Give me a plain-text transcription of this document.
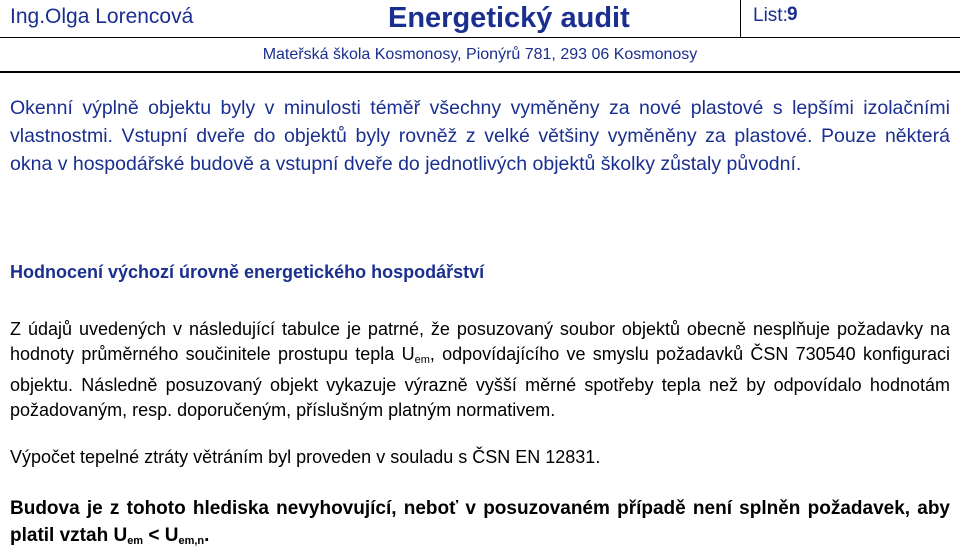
Ing.Olga Lorencová	Energetický audit	List: 9
Mateřská škola Kosmonosy, Pionýrů 781, 293 06 Kosmonosy
Okenní výplně objektu byly v minulosti téměř všechny vyměněny za nové plastové s lepšími izolačními vlastnostmi. Vstupní dveře do objektů byly rovněž z velké většiny vyměněny za plastové. Pouze některá okna v hospodářské budově a vstupní dveře do jednotlivých objektů školky zůstaly původní.
Hodnocení výchozí úrovně energetického hospodářství
Z údajů uvedených v následující tabulce je patrné, že posuzovaný soubor objektů obecně nesplňuje požadavky na hodnoty průměrného součinitele prostupu tepla $U_{em}$, odpovídajícího ve smyslu požadavků ČSN 730540 konfiguraci objektu. Následně posuzovaný objekt vykazuje výrazně vyšší měrné spotřeby tepla než by odpovídalo hodnotám požadovaným, resp. doporučeným, příslušným platným normativem.
Výpočet tepelné ztráty větráním byl proveden v souladu s ČSN EN 12831.
Budova je z tohoto hlediska nevyhovující, neboť v posuzovaném případě není splněn požadavek, aby platil vztah $U_{em} < U_{em,n}$.
